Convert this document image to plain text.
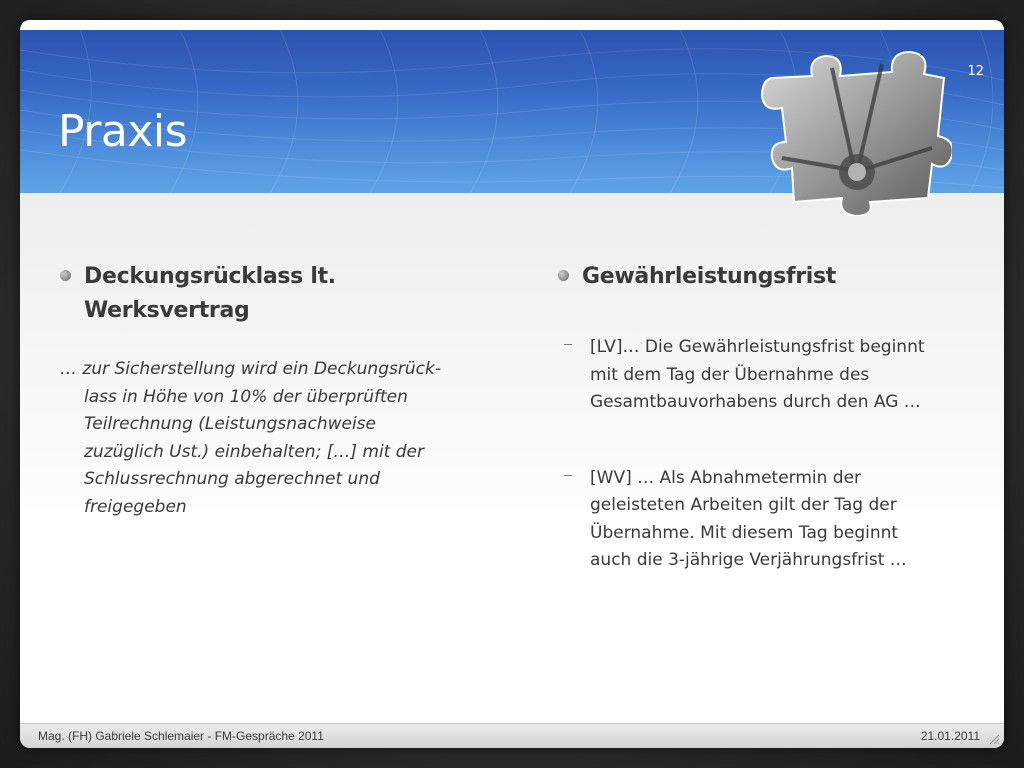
Praxis
12
Deckungsrücklass lt. Werksvertrag
… zur Sicherstellung wird ein Deckungsrück-
lass in Höhe von 10% der überprüften
Teilrechnung (Leistungsnachweise
zuzüglich Ust.) einbehalten; […] mit der
Schlussrechnung abgerechnet und
freigegeben
Gewährleistungsfrist
[LV]… Die Gewährleistungsfrist beginnt
mit dem Tag der Übernahme des
Gesamtbauvorhabens durch den AG …
[WV] … Als Abnahmetermin der
geleisteten Arbeiten gilt der Tag der
Übernahme. Mit diesem Tag beginnt
auch die 3-jährige Verjährungsfrist …
Mag. (FH) Gabriele Schlemaier - FM-Gespräche 2011	21.01.2011
